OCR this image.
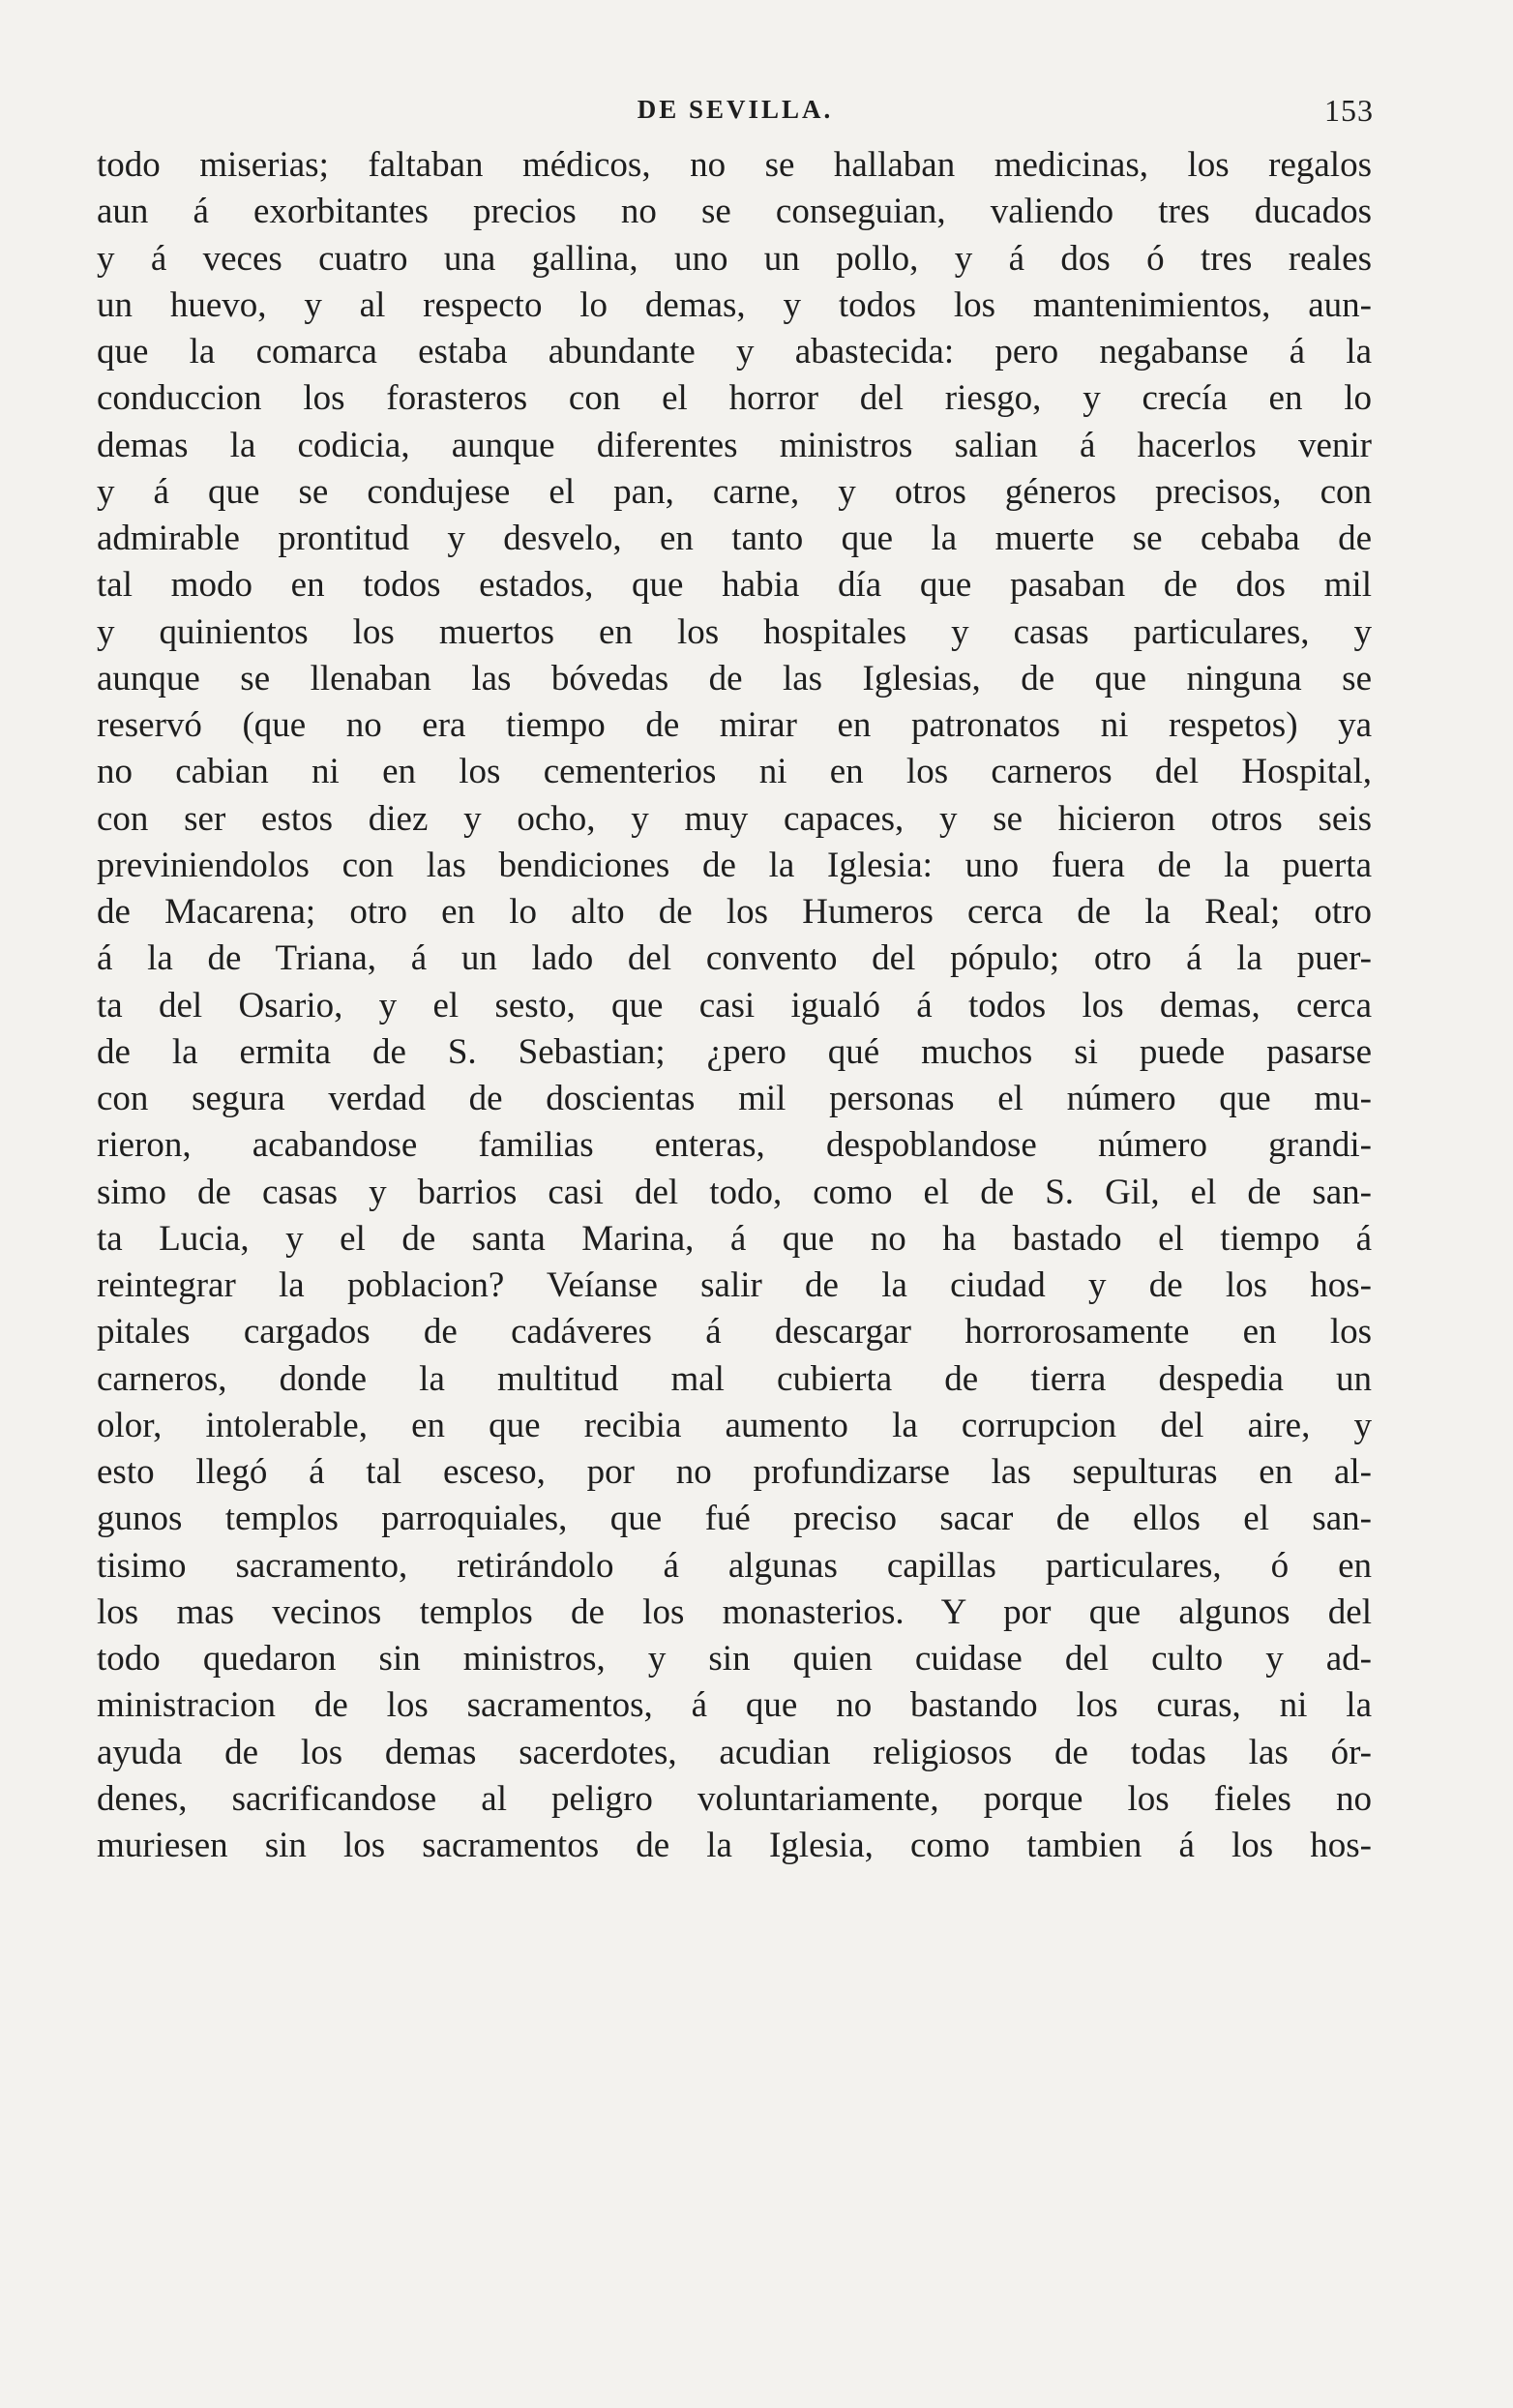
DE SEVILLA.	153
todo miserias; faltaban médicos, no se hallaban medicinas, los regalos
aun á exorbitantes precios no se conseguian, valiendo tres ducados
y á veces cuatro una gallina, uno un pollo, y á dos ó tres reales
un huevo, y al respecto lo demas, y todos los mantenimientos, aun-
que la comarca estaba abundante y abastecida: pero negabanse á la
conduccion los forasteros con el horror del riesgo, y crecía en lo
demas la codicia, aunque diferentes ministros salian á hacerlos venir
y á que se condujese el pan, carne, y otros géneros precisos, con
admirable prontitud y desvelo, en tanto que la muerte se cebaba de
tal modo en todos estados, que habia día que pasaban de dos mil
y quinientos los muertos en los hospitales y casas particulares, y
aunque se llenaban las bóvedas de las Iglesias, de que ninguna se
reservó (que no era tiempo de mirar en patronatos ni respetos) ya
no cabian ni en los cementerios ni en los carneros del Hospital,
con ser estos diez y ocho, y muy capaces, y se hicieron otros seis
previniendolos con las bendiciones de la Iglesia: uno fuera de la puerta
de Macarena; otro en lo alto de los Humeros cerca de la Real; otro
á la de Triana, á un lado del convento del pópulo; otro á la puer-
ta del Osario, y el sesto, que casi igualó á todos los demas, cerca
de la ermita de S. Sebastian; ¿pero qué muchos si puede pasarse
con segura verdad de doscientas mil personas el número que mu-
rieron, acabandose familias enteras, despoblandose número grandi-
simo de casas y barrios casi del todo, como el de S. Gil, el de san-
ta Lucia, y el de santa Marina, á que no ha bastado el tiempo á
reintegrar la poblacion? Veíanse salir de la ciudad y de los hos-
pitales cargados de cadáveres á descargar horrorosamente en los
carneros, donde la multitud mal cubierta de tierra despedia un
olor, intolerable, en que recibia aumento la corrupcion del aire, y
esto llegó á tal esceso, por no profundizarse las sepulturas en al-
gunos templos parroquiales, que fué preciso sacar de ellos el san-
tisimo sacramento, retirándolo á algunas capillas particulares, ó en
los mas vecinos templos de los monasterios. Y por que algunos del
todo quedaron sin ministros, y sin quien cuidase del culto y ad-
ministracion de los sacramentos, á que no bastando los curas, ni la
ayuda de los demas sacerdotes, acudian religiosos de todas las ór-
denes, sacrificandose al peligro voluntariamente, porque los fieles no
muriesen sin los sacramentos de la Iglesia, como tambien á los hos-
